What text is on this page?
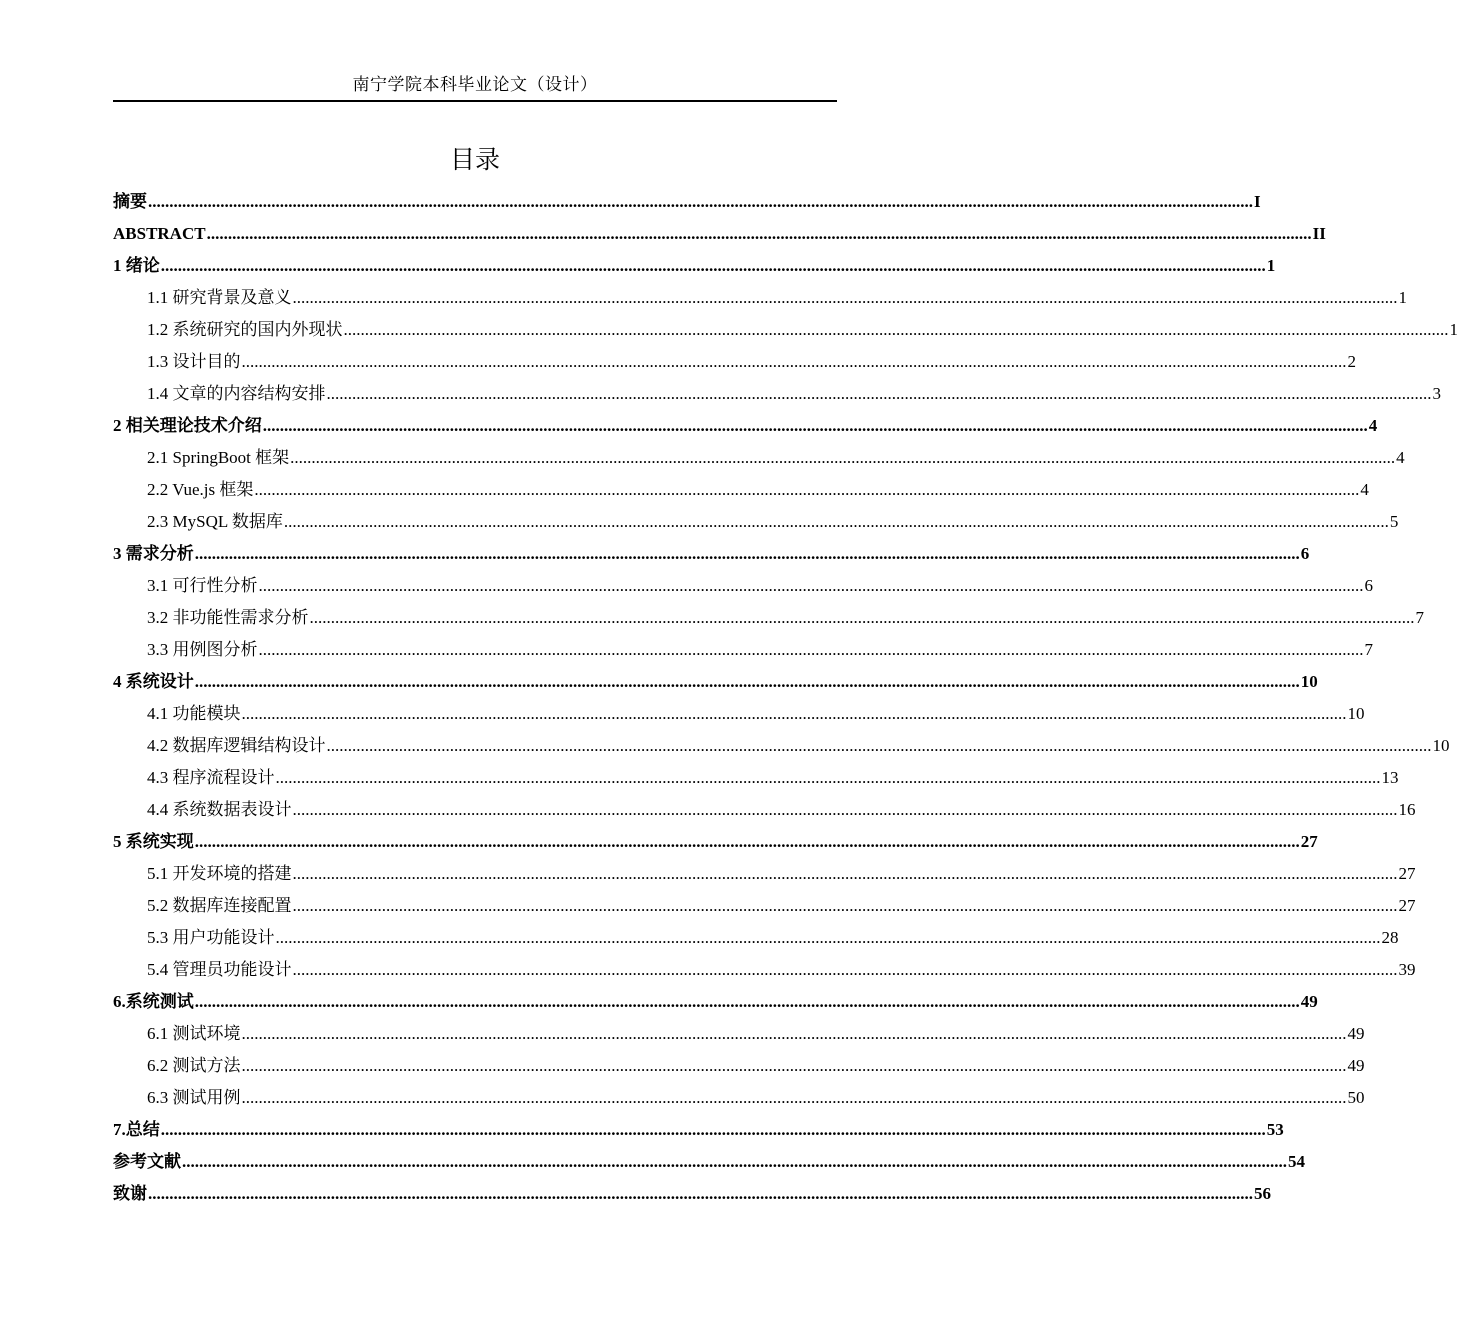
南宁学院本科毕业论文（设计）
目录
摘要 .................................................................................................................................................................................................................................................................... I
ABSTRACT .................................................................................................................................................................................................................................................................... II
1 绪论 .................................................................................................................................................................................................................................................................... 1
1.1 研究背景及意义 .................................................................................................................................................................................................................................................................... 1
1.2 系统研究的国内外现状 .................................................................................................................................................................................................................................................................... 1
1.3 设计目的 .................................................................................................................................................................................................................................................................... 2
1.4 文章的内容结构安排 .................................................................................................................................................................................................................................................................... 3
2 相关理论技术介绍 .................................................................................................................................................................................................................................................................... 4
2.1 SpringBoot 框架 .................................................................................................................................................................................................................................................................... 4
2.2 Vue.js 框架 .................................................................................................................................................................................................................................................................... 4
2.3 MySQL 数据库 .................................................................................................................................................................................................................................................................... 5
3 需求分析 .................................................................................................................................................................................................................................................................... 6
3.1 可行性分析 .................................................................................................................................................................................................................................................................... 6
3.2 非功能性需求分析 .................................................................................................................................................................................................................................................................... 7
3.3 用例图分析 .................................................................................................................................................................................................................................................................... 7
4 系统设计 .................................................................................................................................................................................................................................................................... 10
4.1 功能模块 .................................................................................................................................................................................................................................................................... 10
4.2 数据库逻辑结构设计 .................................................................................................................................................................................................................................................................... 10
4.3 程序流程设计 .................................................................................................................................................................................................................................................................... 13
4.4 系统数据表设计 .................................................................................................................................................................................................................................................................... 16
5 系统实现 .................................................................................................................................................................................................................................................................... 27
5.1 开发环境的搭建 .................................................................................................................................................................................................................................................................... 27
5.2 数据库连接配置 .................................................................................................................................................................................................................................................................... 27
5.3 用户功能设计 .................................................................................................................................................................................................................................................................... 28
5.4 管理员功能设计 .................................................................................................................................................................................................................................................................... 39
6.系统测试 .................................................................................................................................................................................................................................................................... 49
6.1 测试环境 .................................................................................................................................................................................................................................................................... 49
6.2 测试方法 .................................................................................................................................................................................................................................................................... 49
6.3 测试用例 .................................................................................................................................................................................................................................................................... 50
7.总结 .................................................................................................................................................................................................................................................................... 53
参考文献 .................................................................................................................................................................................................................................................................... 54
致谢 .................................................................................................................................................................................................................................................................... 56
